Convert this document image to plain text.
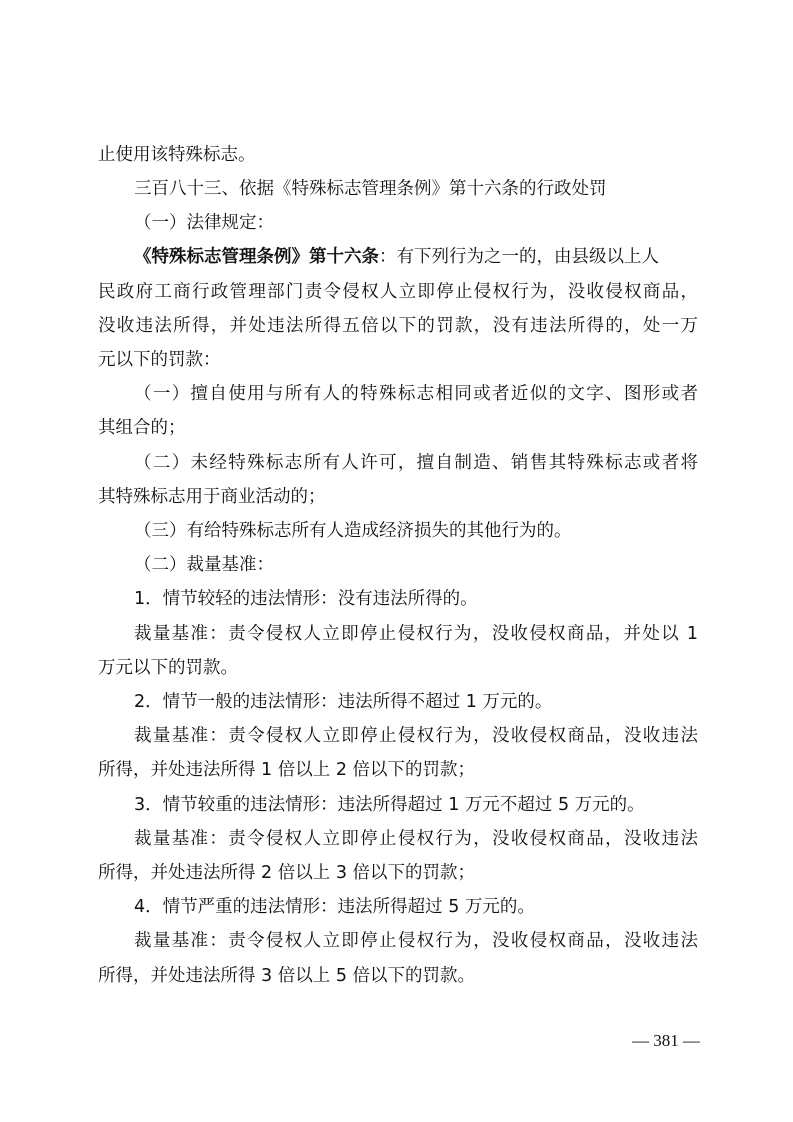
止使用该特殊标志。
三百八十三、依据《特殊标志管理条例》第十六条的行政处罚
（一）法律规定：
《特殊标志管理条例》第十六条：有下列行为之一的，由县级以上人
民政府工商行政管理部门责令侵权人立即停止侵权行为，没收侵权商品，
没收违法所得，并处违法所得五倍以下的罚款，没有违法所得的，处一万
元以下的罚款：
（一）擅自使用与所有人的特殊标志相同或者近似的文字、图形或者
其组合的；
（二）未经特殊标志所有人许可，擅自制造、销售其特殊标志或者将
其特殊标志用于商业活动的；
（三）有给特殊标志所有人造成经济损失的其他行为的。
（二）裁量基准：
1．情节较轻的违法情形：没有违法所得的。
裁量基准：责令侵权人立即停止侵权行为，没收侵权商品，并处以 1
万元以下的罚款。
2．情节一般的违法情形：违法所得不超过 1 万元的。
裁量基准：责令侵权人立即停止侵权行为，没收侵权商品，没收违法
所得，并处违法所得 1 倍以上 2 倍以下的罚款；
3．情节较重的违法情形：违法所得超过 1 万元不超过 5 万元的。
裁量基准：责令侵权人立即停止侵权行为，没收侵权商品，没收违法
所得，并处违法所得 2 倍以上 3 倍以下的罚款；
4．情节严重的违法情形：违法所得超过 5 万元的。
裁量基准：责令侵权人立即停止侵权行为，没收侵权商品，没收违法
所得，并处违法所得 3 倍以上 5 倍以下的罚款。
— 381 —
